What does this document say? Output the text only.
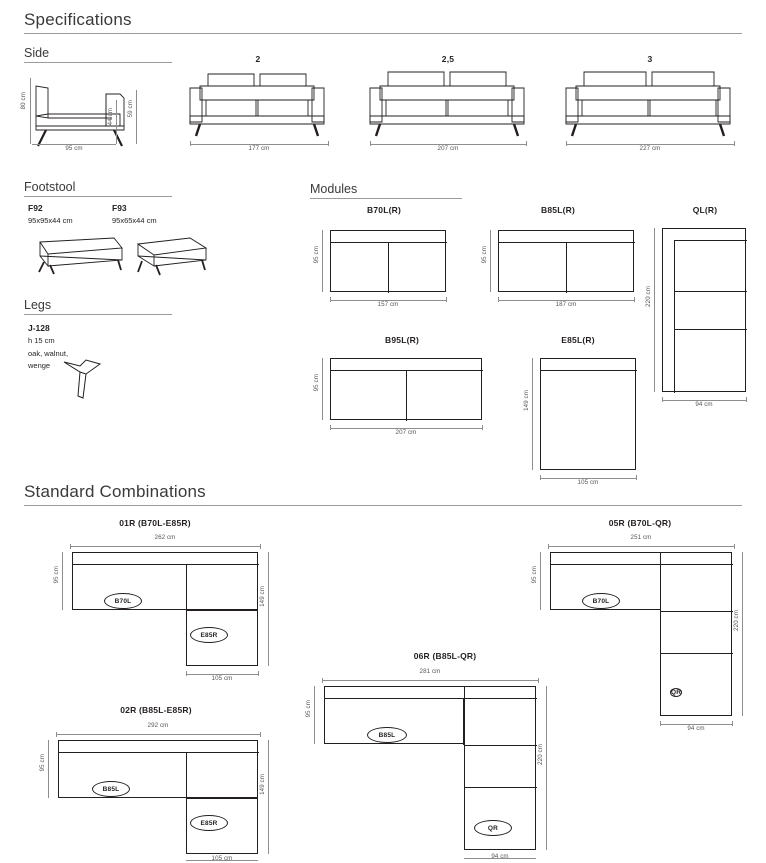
Specifications
Side
80 cm
44 cm 59 cm
95 cm
2
177 cm
2,5
207 cm
3
227 cm
Footstool
F92
95x95x44 cm
F93
95x65x44 cm
Legs
J-128
h 15 cm
oak, walnut,
wenge
Modules
B70L(R)
95 cm
157 cm
B85L(R)
95 cm
187 cm
QL(R)
220 cm
94 cm
B95L(R)
95 cm
207 cm
E85L(R)
149 cm
105 cm
Standard Combinations
01R (B70L-E85R)
262 cm
B70L
E85R
95 cm
149 cm
105 cm
02R (B85L-E85R)
292 cm
B85L
E85R
95 cm
149 cm
105 cm
05R (B70L-QR)
251 cm
B70L
QR
95 cm
220 cm
94 cm
06R (B85L-QR)
281 cm
B85L
QR
95 cm
220 cm
94 cm
